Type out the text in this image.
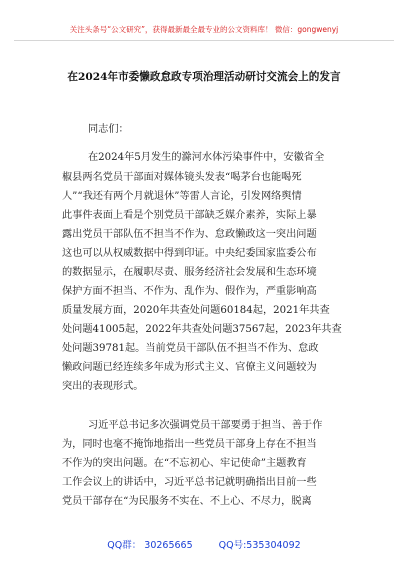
关注头条号“公文研究”，获得最新最全最专业的公文资料库！ 微信：gongwenyj
在2024年市委懒政怠政专项治理活动研讨交流会上的发言
同志们：
在2024年5月发生的滁河水体污染事件中，安徽省全
椒县两名党员干部面对媒体镜头发表“喝茅台也能喝死
人”“我还有两个月就退休”等雷人言论，引发网络舆情
此事件表面上看是个别党员干部缺乏媒介素养，实际上暴
露出党员干部队伍不担当不作为、怠政懒政这一突出问题
这也可以从权威数据中得到印证。中央纪委国家监委公布
的数据显示，在履职尽责、服务经济社会发展和生态环境
保护方面不担当、不作为、乱作为、假作为，严重影响高
质量发展方面，2020年共查处问题60184起，2021年共查
处问题41005起，2022年共查处问题37567起，2023年共查
处问题39781起。当前党员干部队伍不担当不作为、怠政
懒政问题已经连续多年成为形式主义、官僚主义问题较为
突出的表现形式。
习近平总书记多次强调党员干部要勇于担当、善于作
为，同时也毫不掩饰地指出一些党员干部身上存在不担当
不作为的突出问题。在“不忘初心、牢记使命”主题教育
工作会议上的讲话中，习近平总书记就明确指出目前一些
党员干部存在“为民服务不实在、不上心、不尽力，脱离
QQ群： 30265665	QQ号:535304092
